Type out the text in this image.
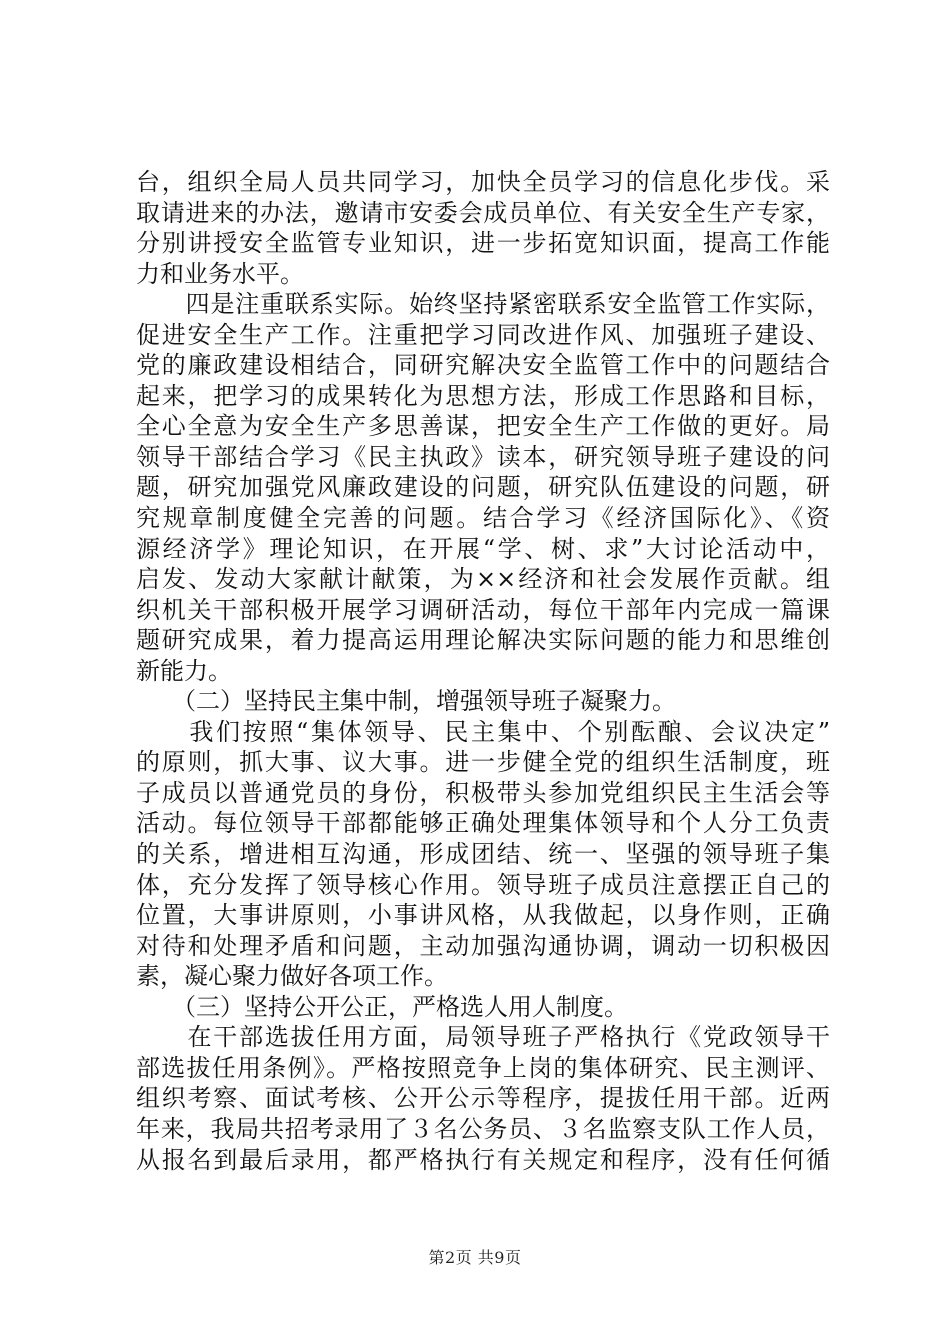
台，组织全局人员共同学习，加快全员学习的信息化步伐。采
取请进来的办法，邀请市安委会成员单位、有关安全生产专家，
分别讲授安全监管专业知识，进一步拓宽知识面，提高工作能
力和业务水平。
　　四是注重联系实际。始终坚持紧密联系安全监管工作实际，
促进安全生产工作。注重把学习同改进作风、加强班子建设、
党的廉政建设相结合，同研究解决安全监管工作中的问题结合
起来，把学习的成果转化为思想方法，形成工作思路和目标，
全心全意为安全生产多思善谋，把安全生产工作做的更好。局
领导干部结合学习《民主执政》读本，研究领导班子建设的问
题，研究加强党风廉政建设的问题，研究队伍建设的问题，研
究规章制度健全完善的问题。结合学习《经济国际化》、《资
源经济学》理论知识，在开展“学、树、求”大讨论活动中，
启发、发动大家献计献策，为××经济和社会发展作贡献。组
织机关干部积极开展学习调研活动，每位干部年内完成一篇课
题研究成果，着力提高运用理论解决实际问题的能力和思维创
新能力。
　　（二）坚持民主集中制，增强领导班子凝聚力。
　　我们按照“集体领导、民主集中、个别酝酿、会议决定”
的原则，抓大事、议大事。进一步健全党的组织生活制度，班
子成员以普通党员的身份，积极带头参加党组织民主生活会等
活动。每位领导干部都能够正确处理集体领导和个人分工负责
的关系，增进相互沟通，形成团结、统一、坚强的领导班子集
体，充分发挥了领导核心作用。领导班子成员注意摆正自己的
位置，大事讲原则，小事讲风格，从我做起，以身作则，正确
对待和处理矛盾和问题，主动加强沟通协调，调动一切积极因
素，凝心聚力做好各项工作。
　　（三）坚持公开公正，严格选人用人制度。
　　在干部选拔任用方面，局领导班子严格执行《党政领导干
部选拔任用条例》。严格按照竞争上岗的集体研究、民主测评、
组织考察、面试考核、公开公示等程序，提拔任用干部。近两
年来，我局共招考录用了３名公务员、３名监察支队工作人员，
从报名到最后录用，都严格执行有关规定和程序，没有任何循
第2页 共9页
